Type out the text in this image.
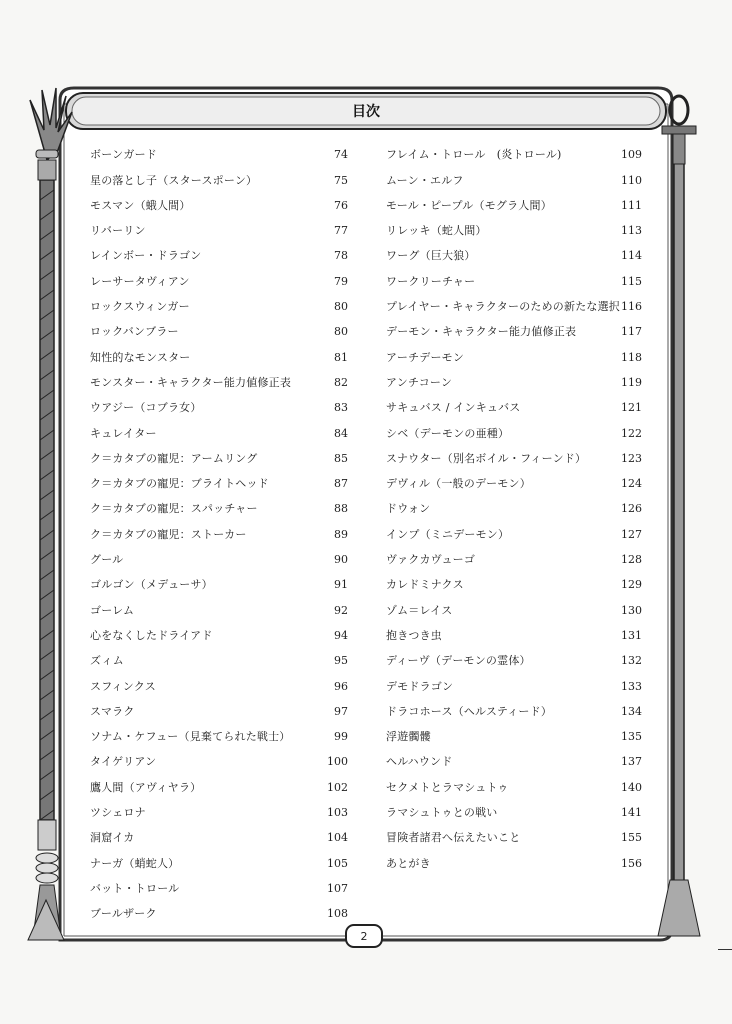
目次
ボーンガード	74
星の落とし子（スタースポーン）	75
モスマン（蛾人間）	76
リバーリン	77
レインボー・ドラゴン	78
レーサータヴィアン	79
ロックスウィンガー	80
ロックバンブラー	80
知性的なモンスター	81
モンスター・キャラクター能力値修正表	82
ウアジー（コブラ女）	83
キュレイター	84
ク＝カタブの寵児：アームリング	85
ク＝カタブの寵児：ブライトヘッド	87
ク＝カタブの寵児：スパッチャー	88
ク＝カタブの寵児：ストーカー	89
グール	90
ゴルゴン（メデューサ）	91
ゴーレム	92
心をなくしたドライアド	94
ズィム	95
スフィンクス	96
スマラク	97
ソナム・ケフュー（見棄てられた戦士）	99
タイゲリアン	100
鷹人間（アヴィヤラ）	102
ツシェロナ	103
洞窟イカ	104
ナーガ（蛸蛇人）	105
バット・トロール	107
ブールザーク	108
フレイム・トロール　(炎トロール)	109
ムーン・エルフ	110
モール・ピープル（モグラ人間）	111
リレッキ（蛇人間）	113
ワーグ（巨大狼）	114
ワークリーチャー	115
プレイヤー・キャラクターのための新たな選択 116
デーモン・キャラクター能力値修正表	117
アーチデーモン	118
アンチコーン	119
サキュバス / インキュバス	121
シベ（デーモンの亜種）	122
スナウター（別名ボイル・フィーンド）	123
デヴィル（一般のデーモン）	124
ドウォン	126
インプ（ミニデーモン）	127
ヴァクカヴューゴ	128
カレドミナクス	129
ゾム＝レイス	130
抱きつき虫	131
ディーヴ（デーモンの霊体）	132
デモドラゴン	133
ドラコホース（ヘルスティード）	134
浮遊髑髏	135
ヘルハウンド	137
セクメトとラマシュトゥ	140
ラマシュトゥとの戦い	141
冒険者諸君へ伝えたいこと	155
あとがき	156
2
